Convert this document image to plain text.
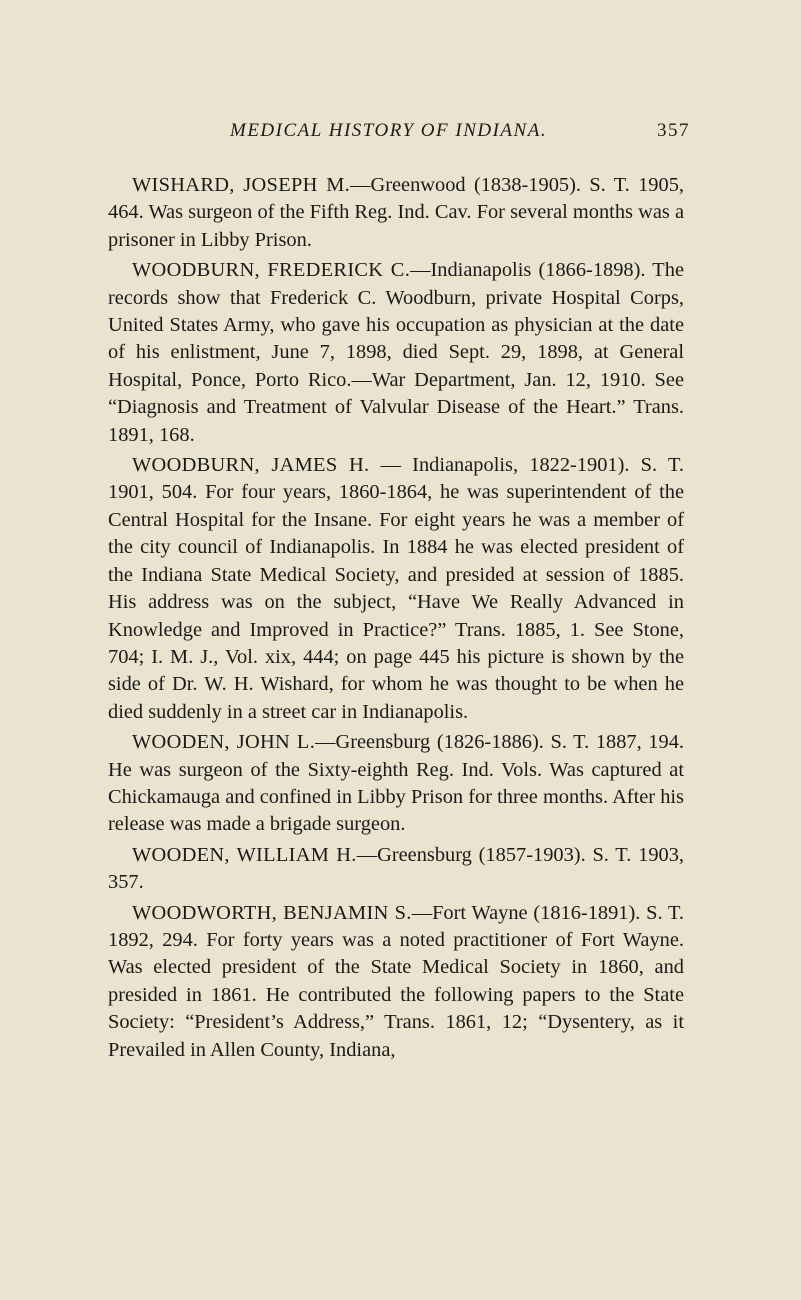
MEDICAL HISTORY OF INDIANA.	357

WISHARD, JOSEPH M.—Greenwood (1838-1905). S. T. 1905, 464. Was surgeon of the Fifth Reg. Ind. Cav. For several months was a prisoner in Libby Prison.

WOODBURN, FREDERICK C.—Indianapolis (1866-1898). The records show that Frederick C. Woodburn, private Hospital Corps, United States Army, who gave his occupation as physician at the date of his enlistment, June 7, 1898, died Sept. 29, 1898, at General Hospital, Ponce, Porto Rico.—War Department, Jan. 12, 1910. See “Diagnosis and Treatment of Valvular Disease of the Heart.” Trans. 1891, 168.

WOODBURN, JAMES H. — Indianapolis, 1822-1901). S. T. 1901, 504. For four years, 1860-1864, he was superintendent of the Central Hospital for the Insane. For eight years he was a member of the city council of Indianapolis. In 1884 he was elected president of the Indiana State Medical Society, and presided at session of 1885. His address was on the subject, “Have We Really Advanced in Knowledge and Improved in Practice?” Trans. 1885, 1. See Stone, 704; I. M. J., Vol. xix, 444; on page 445 his picture is shown by the side of Dr. W. H. Wishard, for whom he was thought to be when he died suddenly in a street car in Indianapolis.

WOODEN, JOHN L.—Greensburg (1826-1886). S. T. 1887, 194. He was surgeon of the Sixty-eighth Reg. Ind. Vols. Was captured at Chickamauga and confined in Libby Prison for three months. After his release was made a brigade surgeon.

WOODEN, WILLIAM H.—Greensburg (1857-1903). S. T. 1903, 357.

WOODWORTH, BENJAMIN S.—Fort Wayne (1816-1891). S. T. 1892, 294. For forty years was a noted practitioner of Fort Wayne. Was elected president of the State Medical Society in 1860, and presided in 1861. He contributed the following papers to the State Society: “President’s Address,” Trans. 1861, 12; “Dysentery, as it Prevailed in Allen County, Indiana,
